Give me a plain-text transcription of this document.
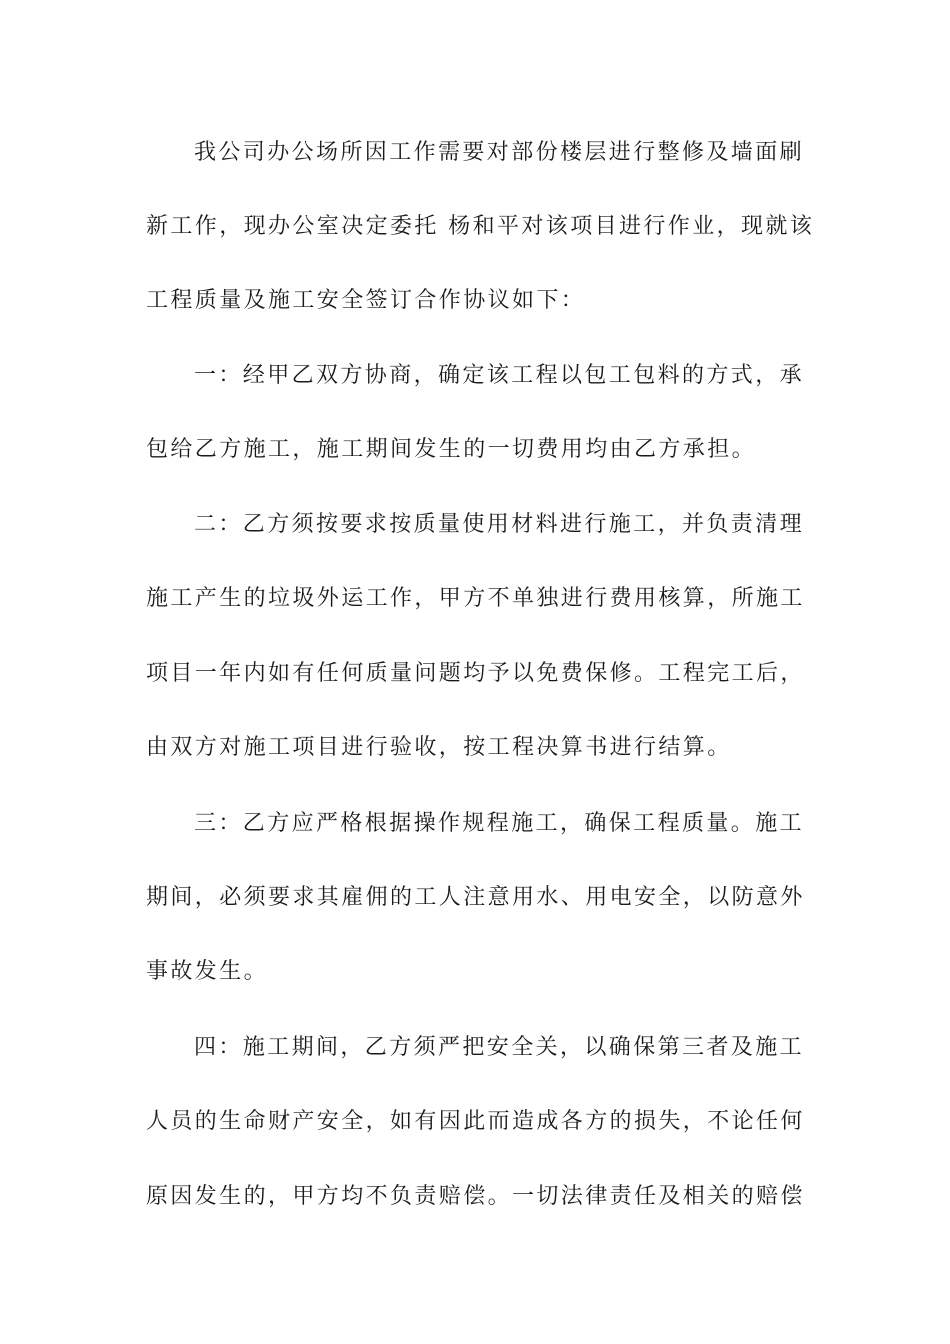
我公司办公场所因工作需要对部份楼层进行整修及墙面刷
新工作，现办公室决定委托 杨和平对该项目进行作业，现就该
工程质量及施工安全签订合作协议如下：
一：经甲乙双方协商，确定该工程以包工包料的方式，承
包给乙方施工，施工期间发生的一切费用均由乙方承担。
二：乙方须按要求按质量使用材料进行施工，并负责清理
施工产生的垃圾外运工作，甲方不单独进行费用核算，所施工
项目一年内如有任何质量问题均予以免费保修。工程完工后，
由双方对施工项目进行验收，按工程决算书进行结算。
三：乙方应严格根据操作规程施工，确保工程质量。施工
期间，必须要求其雇佣的工人注意用水、用电安全，以防意外
事故发生。
四：施工期间，乙方须严把安全关，以确保第三者及施工
人员的生命财产安全，如有因此而造成各方的损失，不论任何
原因发生的，甲方均不负责赔偿。一切法律责任及相关的赔偿
